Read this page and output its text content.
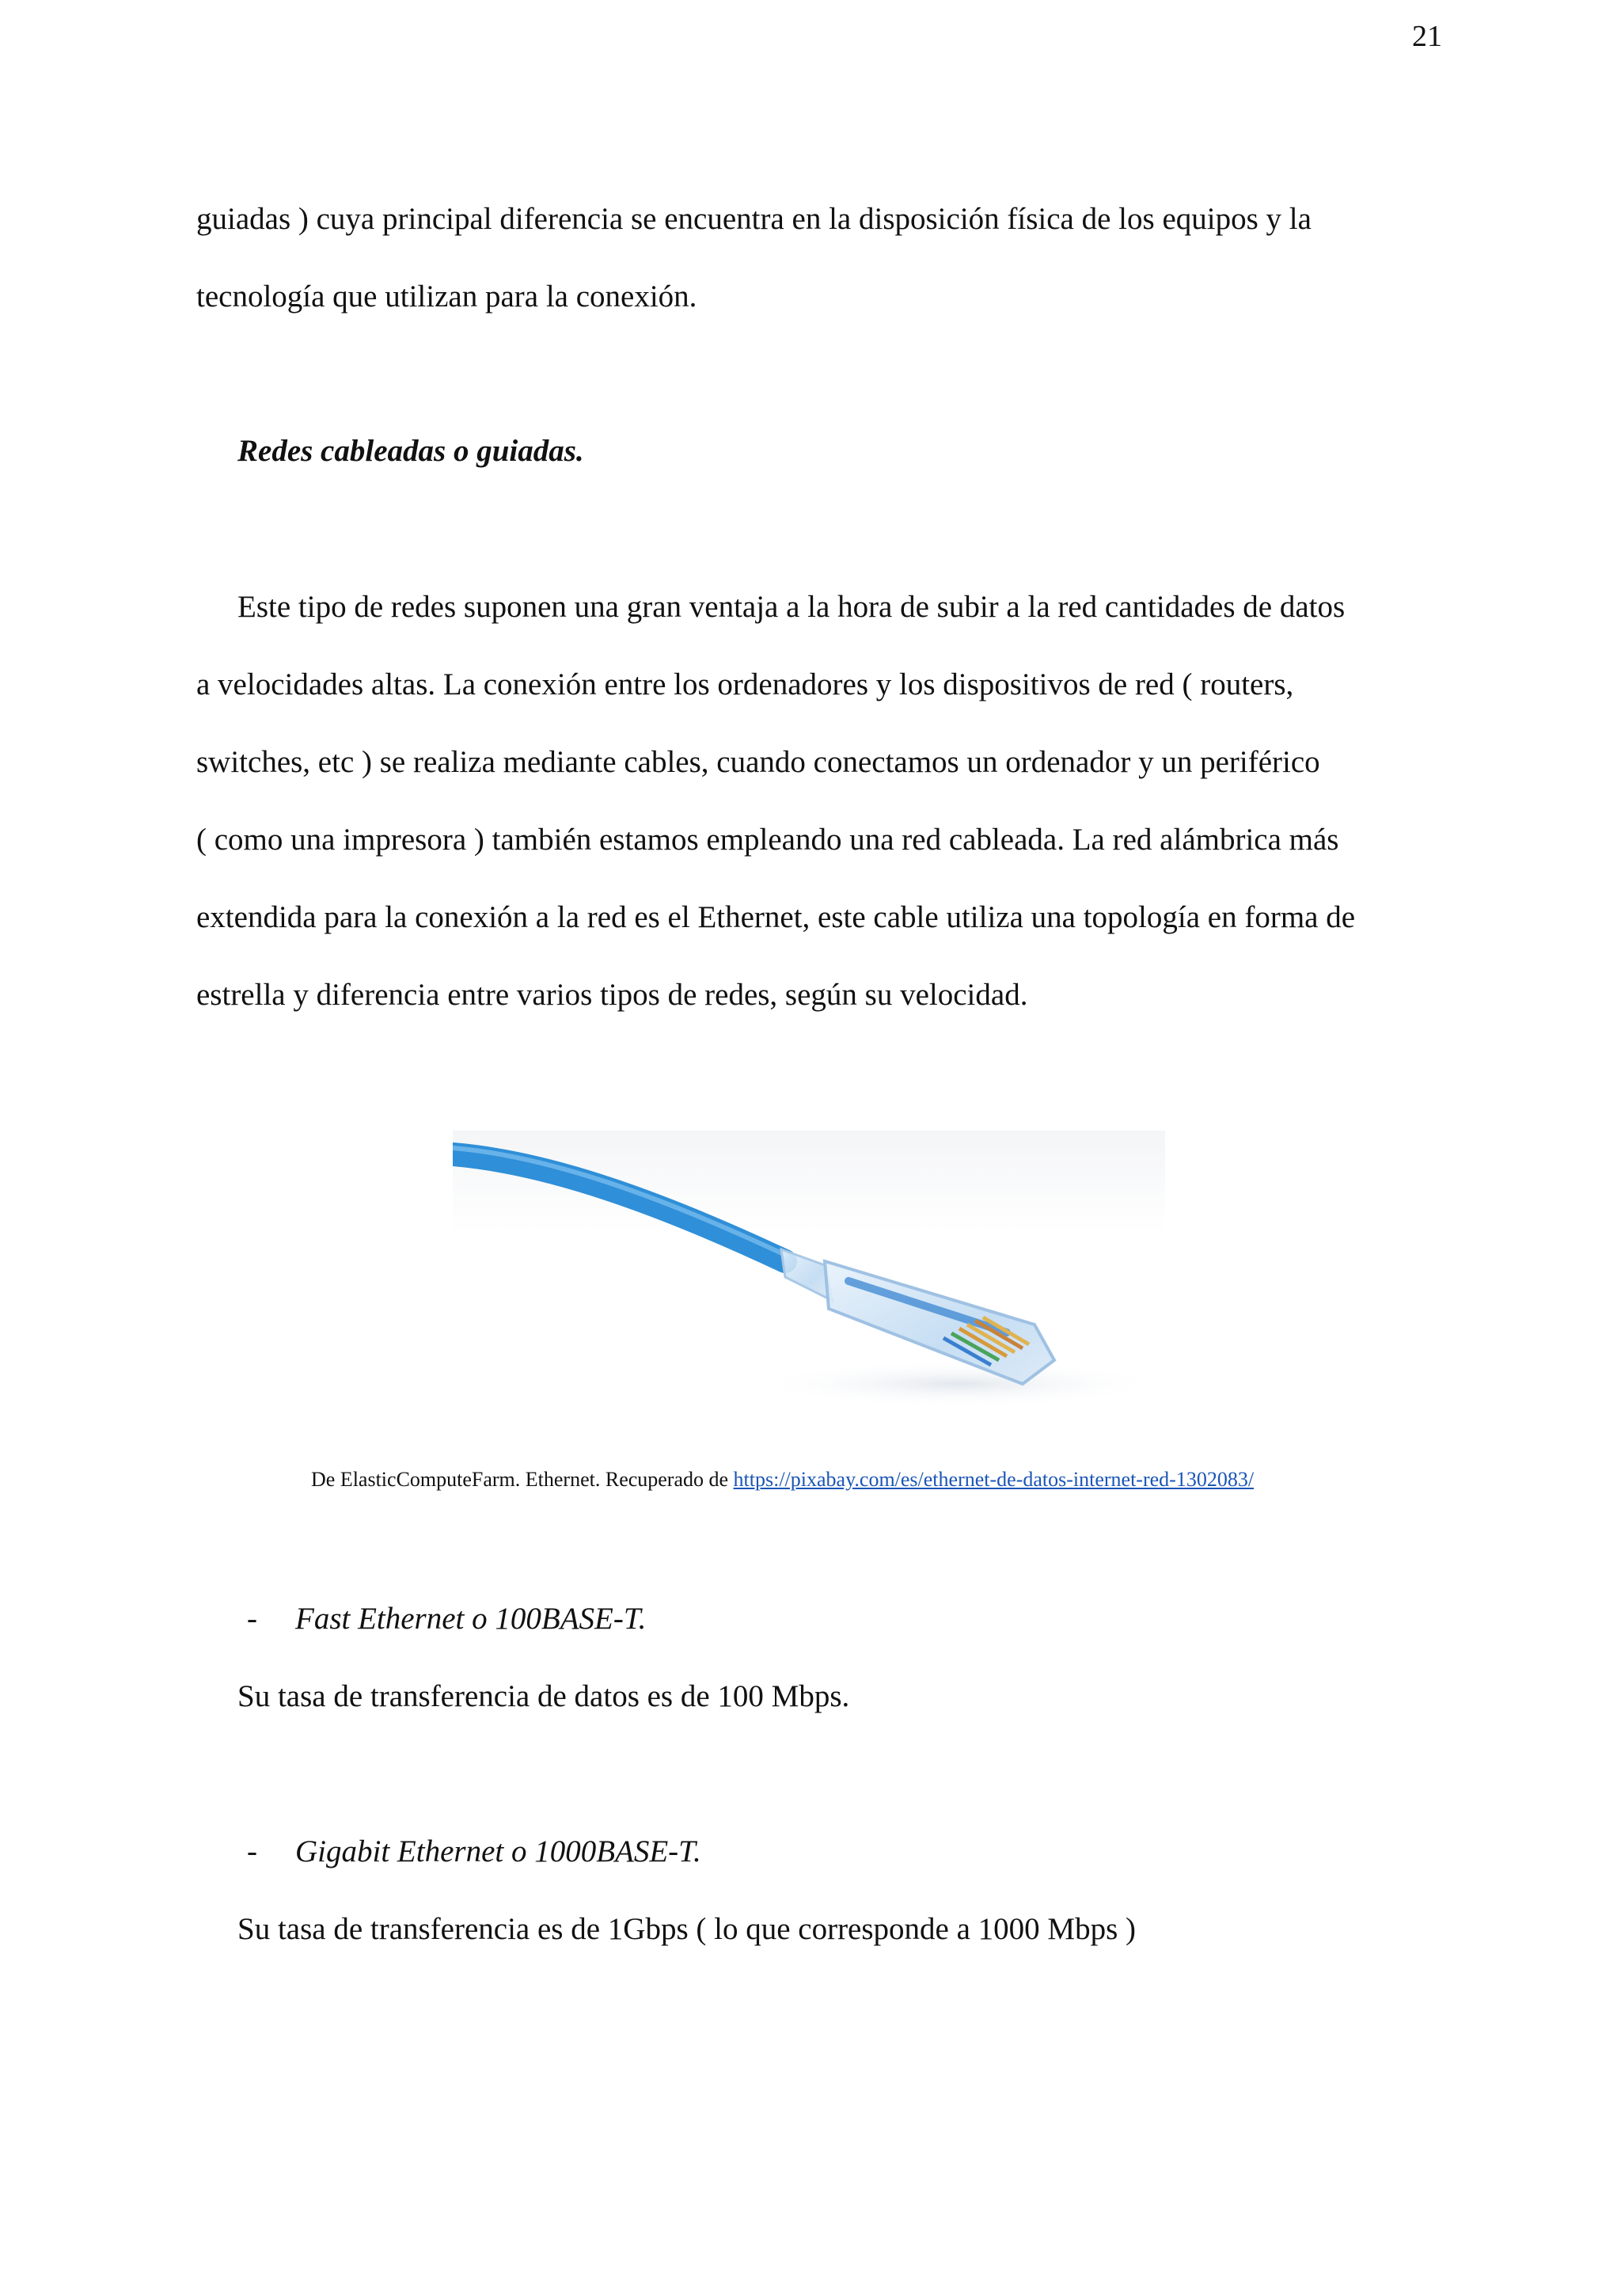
21
guiadas ) cuya principal diferencia se encuentra en la disposición física de los equipos y la
tecnología que utilizan para la conexión.
Redes cableadas o guiadas.
Este tipo de redes suponen una gran ventaja a la hora de subir a la red cantidades de datos
a velocidades altas. La conexión entre los ordenadores y los dispositivos de red ( routers,
switches, etc ) se realiza mediante cables, cuando conectamos un ordenador y un periférico
( como una impresora ) también estamos empleando una red cableada. La red alámbrica más
extendida para la conexión a la red es el Ethernet, este cable utiliza una topología en forma de
estrella y diferencia entre varios tipos de redes, según su velocidad.
De ElasticComputeFarm. Ethernet. Recuperado de https://pixabay.com/es/ethernet-de-datos-internet-red-1302083/
- Fast Ethernet o 100BASE-T.
Su tasa de transferencia de datos es de 100 Mbps.
- Gigabit Ethernet o 1000BASE-T.
Su tasa de transferencia es de 1Gbps ( lo que corresponde a 1000 Mbps )
